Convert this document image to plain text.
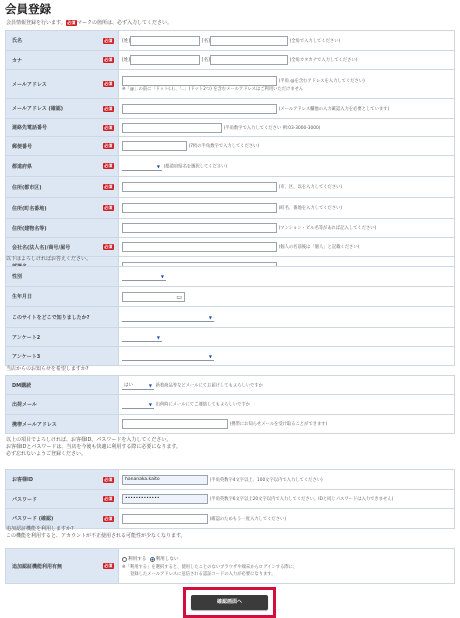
会員登録
会員情報登録を行います。 必須 マークの箇所は、必ず入力してください。
氏名 必須	[姓] [名] (全角で入力してください)
カナ 必須	[姓] [名] (全角カタカナで入力してください)
メールアドレス 必須	(半角 @を含むアドレスを入力してください)
※「@」の前に「ドット(.)」、「..」(ドット2つ) を含むメールアドレスはご利用いただけません

メールアドレス (確認) 必須	(メールアドレス欄他の入力確認入力を必要としています)
連絡先電話番号 必須	(半角数字で入力してください 例:03-3000-3000)
郵便番号 必須	(7桁の半角数字で入力してください)
都道府県 必須	▼ (都道府県名を選択してください)
住所(都市区) 必須	(市、区、以を入力してください)
住所(町名番地) 必須	(町名、番地を入力してください)
住所(建物名等)	(マンション・ビル名等があれば記入してください)
会社名(法人名)/商号/屋号 必須	(個人の名前後は「個人」と記載ください)

以下はよろしければお答えください。
性別	▼

生年月日	▭

このサイトをどこで知りましたか?	▼

アンケート2	▼

アンケート3	▼
当店からのお知らせを希望しますか?
DM購読	はい ▼ 新着商品等などメールにてお届けしてもよろしいですか
出荷メール	▼ 出荷時にメールにてご連絡してもよろしいですか
携帯メールアドレス	(携帯にお知らせメールを受け取ることができます)
以上の項目でよろしければ、お客様ID、パスワードを入力してください。
お客様IDとパスワードは、当店を今後も快適に利用する際に必要になります。
必ず忘れないようご登録ください。
お客様ID 必須	hananaka.kaito (半角英数字4文字以上、100文字以内で入力してください)
パスワード 必須	••••••••••••• (半角英数字6文字以上20文字以内で入力してください。IDと同じパスワードは入力できません)
パスワード (確認) 必須	(確認のためもう一度入力してください)
追加認証機能を利用しますか?
この機能を利用すると、アカウントが不正使用される可能性が少なくなります。
追加認証機能利用有無	必須

利用する 利用しない
※「利用する」を選択すると、使用したことのないブラウザや端末からログインする際に、
登録したメールアドレスに送信される認証コードの入力が必要になります。
確認画面へ
